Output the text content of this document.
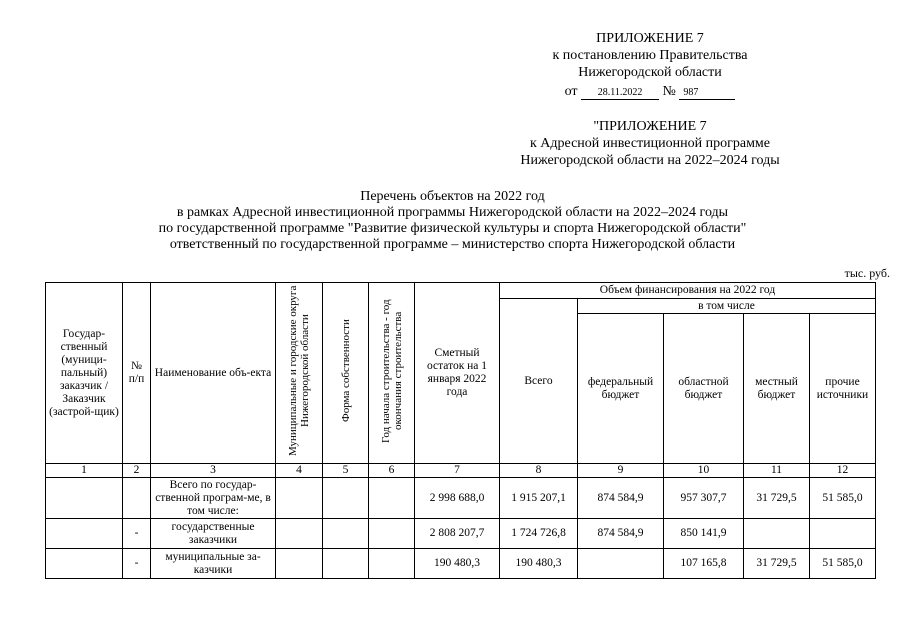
ПРИЛОЖЕНИЕ 7
к постановлению Правительства
Нижегородской области
от 28.11.2022 № 987
"ПРИЛОЖЕНИЕ 7
к Адресной инвестиционной программе
Нижегородской области на 2022–2024 годы
Перечень объектов на 2022 год
в рамках Адресной инвестиционной программы Нижегородской области на 2022–2024 годы
по государственной программе "Развитие физической культуры и спорта Нижегородской области"
ответственный по государственной программе – министерство спорта Нижегородской области
тыс. руб.
Государ-ственный (муници-пальный) заказчик / Заказчик (застрой-щик)	№ п/п	Наименование объ-екта	Муниципальные и городские округа Нижегородской области	Форма собственности	Год начала строительства - год окончания строительства	Сметный остаток на 1 января 2022 года	Объем финансирования на 2022 год				
							Всего	в том числе			
								федеральный бюджет	областной бюджет	местный бюджет	прочие источники
1	2	3	4	5	6	7	8	9	10	11	12
		Всего по государ-ственной програм-ме, в том числе:				2 998 688,0	1 915 207,1	874 584,9	957 307,7	31 729,5	51 585,0
	-	государственные заказчики				2 808 207,7	1 724 726,8	874 584,9	850 141,9		
	-	муниципальные за-казчики				190 480,3	190 480,3		107 165,8	31 729,5	51 585,0
